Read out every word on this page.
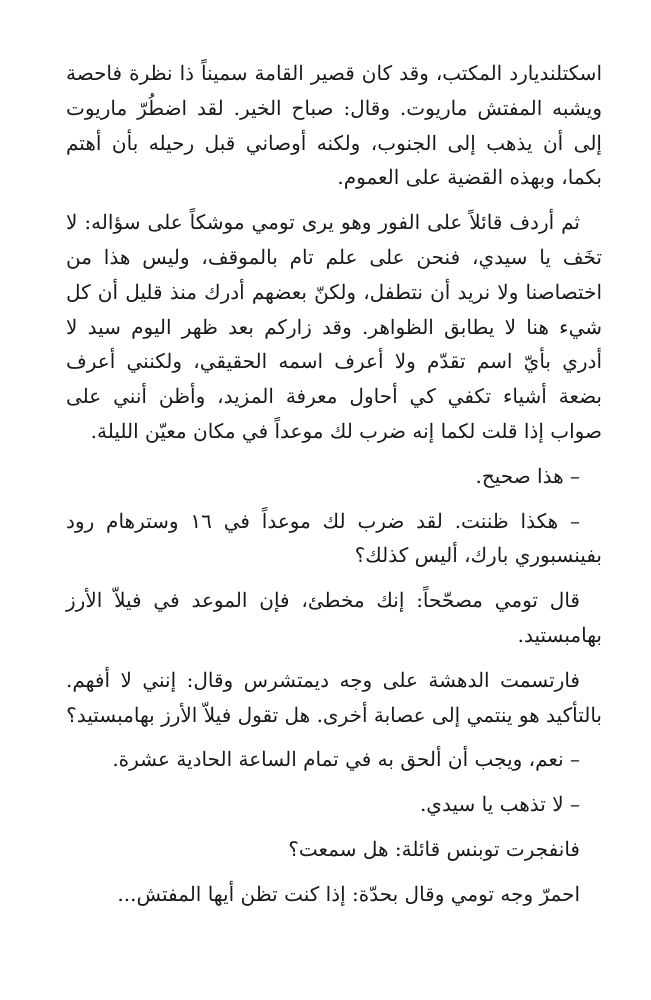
اسكتلنديارد المكتب، وقد كان قصير القامة سميناً ذا نظرة فاحصة ويشبه المفتش ماريوت. وقال: صباح الخير. لقد اضطُرّ ماريوت إلى أن يذهب إلى الجنوب، ولكنه أوصاني قبل رحيله بأن أهتم بكما، وبهذه القضية على العموم.

ثم أردف قائلاً على الفور وهو يرى تومي موشكاً على سؤاله: لا تخَف يا سيدي، فنحن على علم تام بالموقف، وليس هذا من اختصاصنا ولا نريد أن نتطفل، ولكنّ بعضهم أدرك منذ قليل أن كل شيء هنا لا يطابق الظواهر. وقد زاركم بعد ظهر اليوم سيد لا أدري بأيّ اسم تقدّم ولا أعرف اسمه الحقيقي، ولكنني أعرف بضعة أشياء تكفي كي أحاول معرفة المزيد، وأظن أنني على صواب إذا قلت لكما إنه ضرب لك موعداً في مكان معيّن الليلة.

– هذا صحيح.

– هكذا ظننت. لقد ضرب لك موعداً في ١٦ وسترهام رود بفينسبوري بارك، أليس كذلك؟

قال تومي مصحّحاً: إنك مخطئ، فإن الموعد في فيلاّ الأرز بهامبستيد.

فارتسمت الدهشة على وجه ديمتشرس وقال: إنني لا أفهم. بالتأكيد هو ينتمي إلى عصابة أخرى. هل تقول فيلاّ الأرز بهامبستيد؟

– نعم، ويجب أن ألحق به في تمام الساعة الحادية عشرة.

– لا تذهب يا سيدي.

فانفجرت توبنس قائلة: هل سمعت؟

احمرّ وجه تومي وقال بحدّة: إذا كنت تظن أيها المفتش...
